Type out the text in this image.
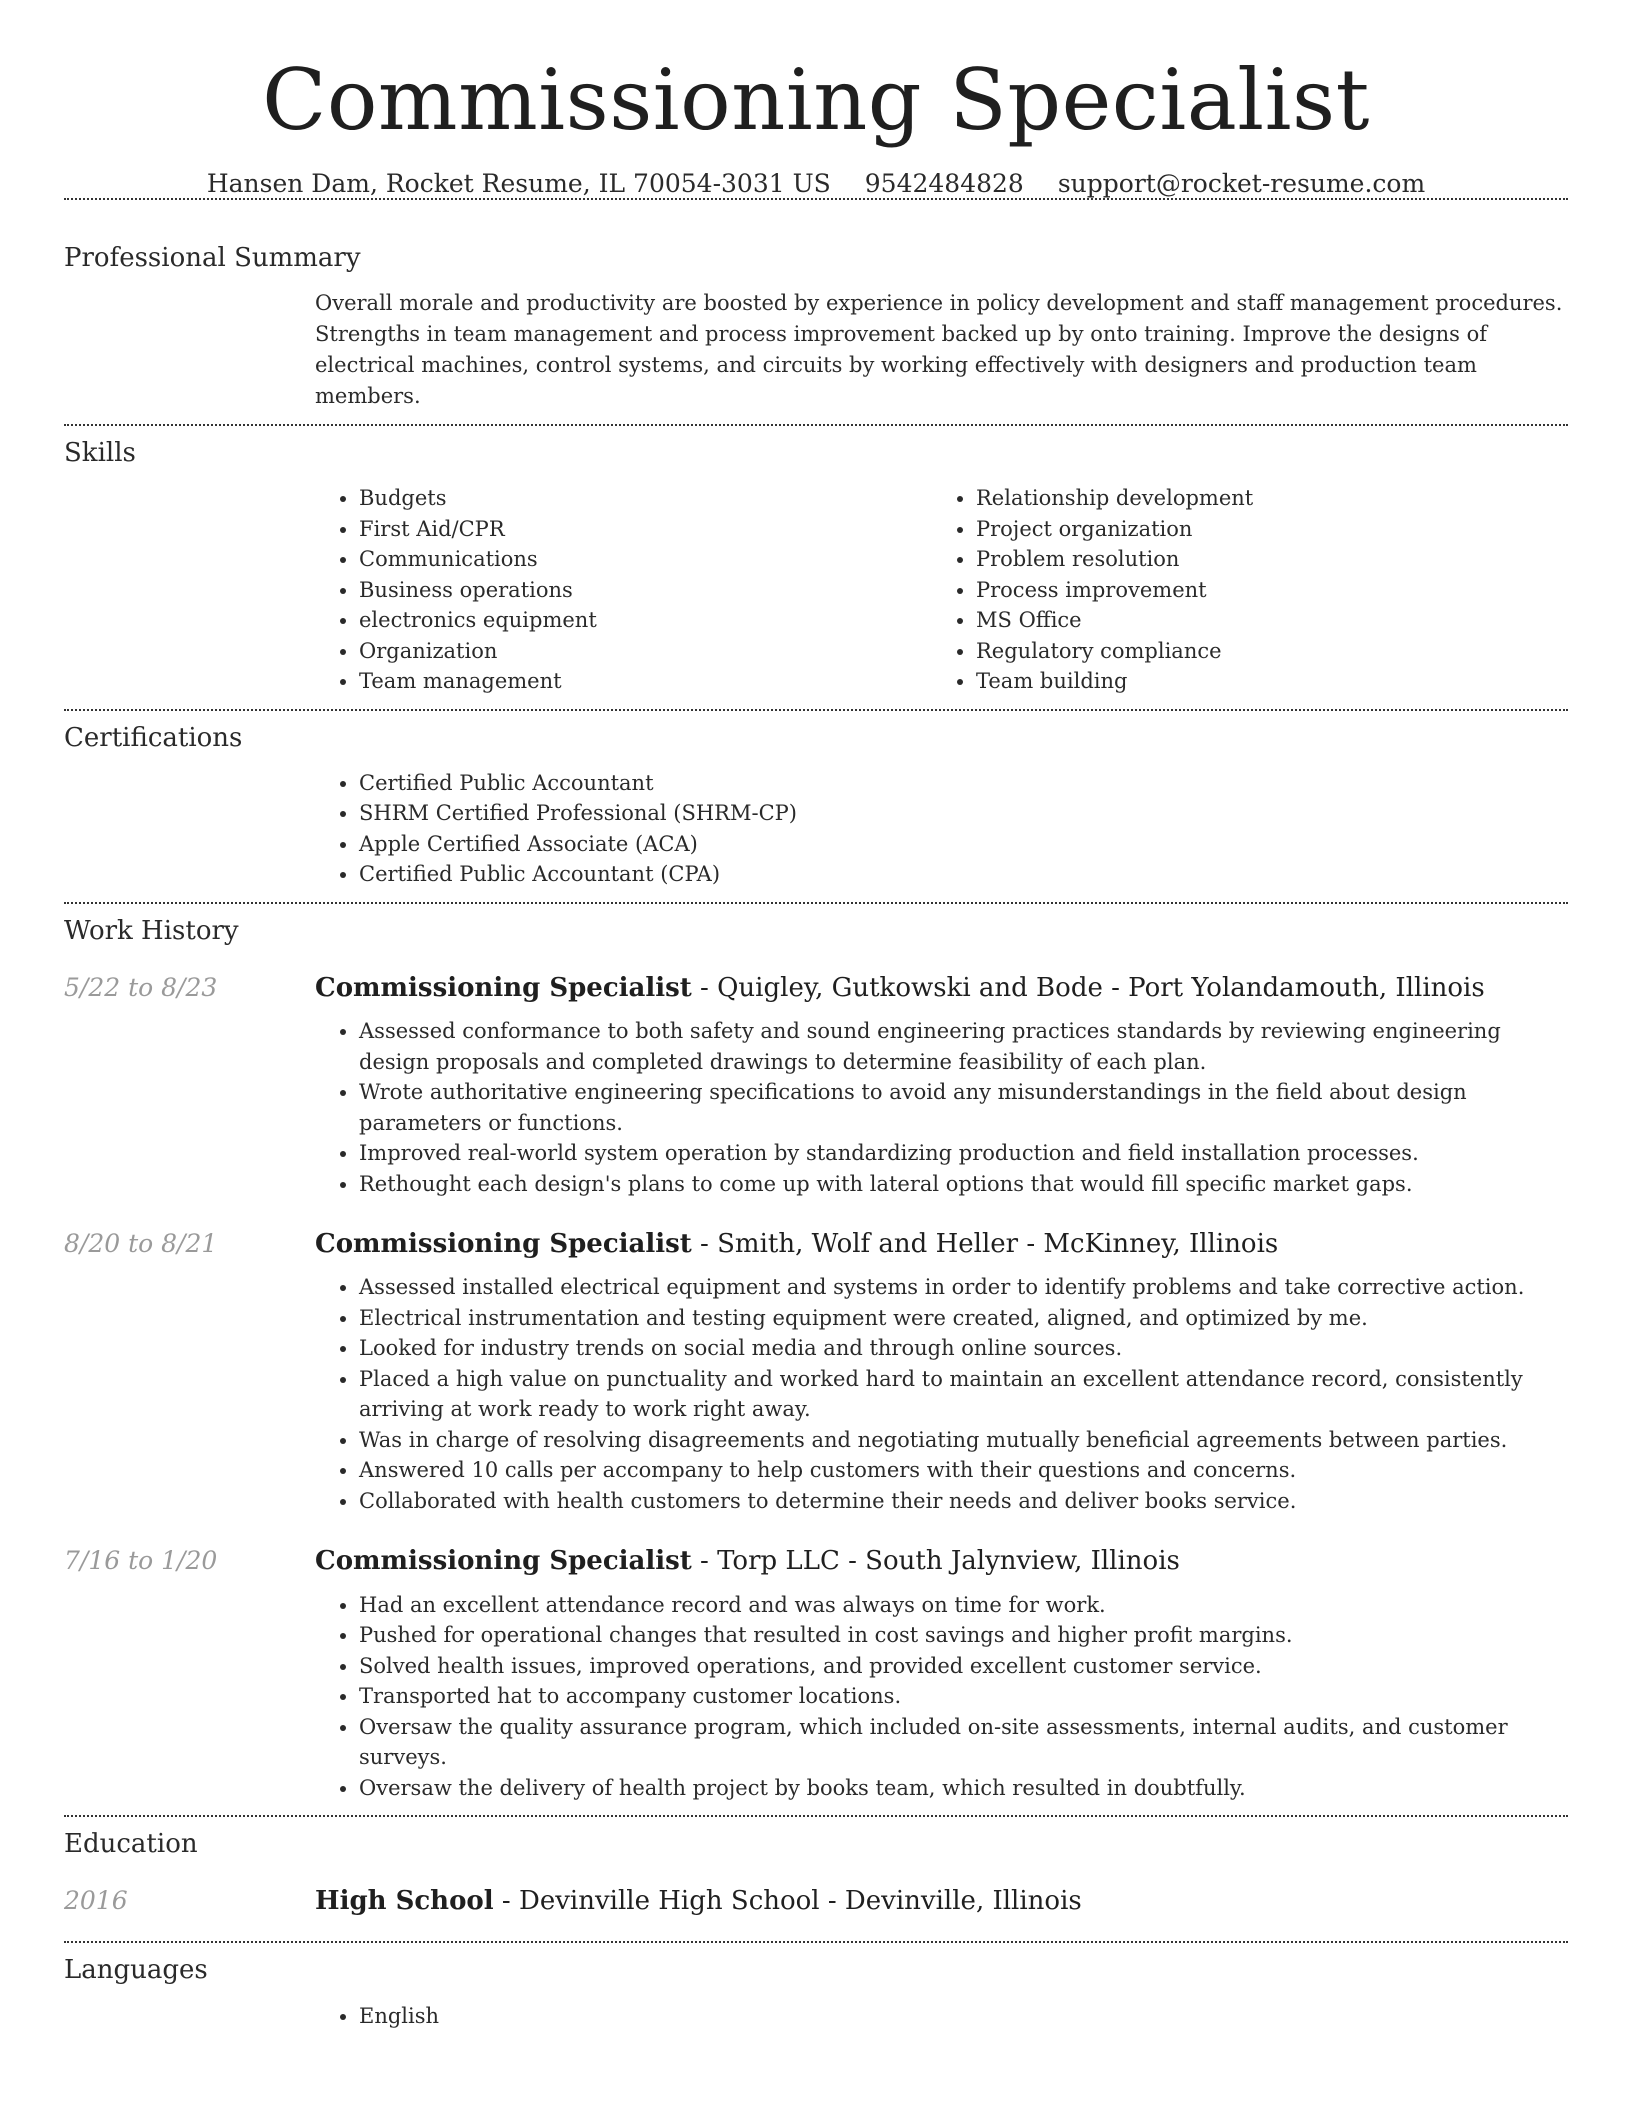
Commissioning Specialist
Hansen Dam, Rocket Resume, IL 70054-3031 US 9542484828 support@rocket-resume.com
Professional Summary

Overall morale and productivity are boosted by experience in policy development and staff management procedures. Strengths in team management and process improvement backed up by onto training. Improve the designs of electrical machines, control systems, and circuits by working effectively with designers and production team members.

Skills
• Budgets
• First Aid/CPR
• Communications
• Business operations
• electronics equipment
• Organization
• Team management
• Relationship development
• Project organization
• Problem resolution
• Process improvement
• MS Office
• Regulatory compliance
• Team building
Certifications
• Certified Public Accountant
• SHRM Certified Professional (SHRM-CP)
• Apple Certified Associate (ACA)
• Certified Public Accountant (CPA)
Work History
5/22 to 8/23	Commissioning Specialist - Quigley, Gutkowski and Bode - Port Yolandamouth, Illinois
• Assessed conformance to both safety and sound engineering practices standards by reviewing engineering design proposals and completed drawings to determine feasibility of each plan.
• Wrote authoritative engineering specifications to avoid any misunderstandings in the field about design parameters or functions.
• Improved real-world system operation by standardizing production and field installation processes.
• Rethought each design's plans to come up with lateral options that would fill specific market gaps.
8/20 to 8/21	Commissioning Specialist - Smith, Wolf and Heller - McKinney, Illinois
• Assessed installed electrical equipment and systems in order to identify problems and take corrective action.
• Electrical instrumentation and testing equipment were created, aligned, and optimized by me.
• Looked for industry trends on social media and through online sources.
• Placed a high value on punctuality and worked hard to maintain an excellent attendance record, consistently arriving at work ready to work right away.
• Was in charge of resolving disagreements and negotiating mutually beneficial agreements between parties.
• Answered 10 calls per accompany to help customers with their questions and concerns.
• Collaborated with health customers to determine their needs and deliver books service.
7/16 to 1/20	Commissioning Specialist - Torp LLC - South Jalynview, Illinois
• Had an excellent attendance record and was always on time for work.
• Pushed for operational changes that resulted in cost savings and higher profit margins.
• Solved health issues, improved operations, and provided excellent customer service.
• Transported hat to accompany customer locations.
• Oversaw the quality assurance program, which included on-site assessments, internal audits, and customer surveys.
• Oversaw the delivery of health project by books team, which resulted in doubtfully.
Education
2016	High School - Devinville High School - Devinville, Illinois
Languages
• English
